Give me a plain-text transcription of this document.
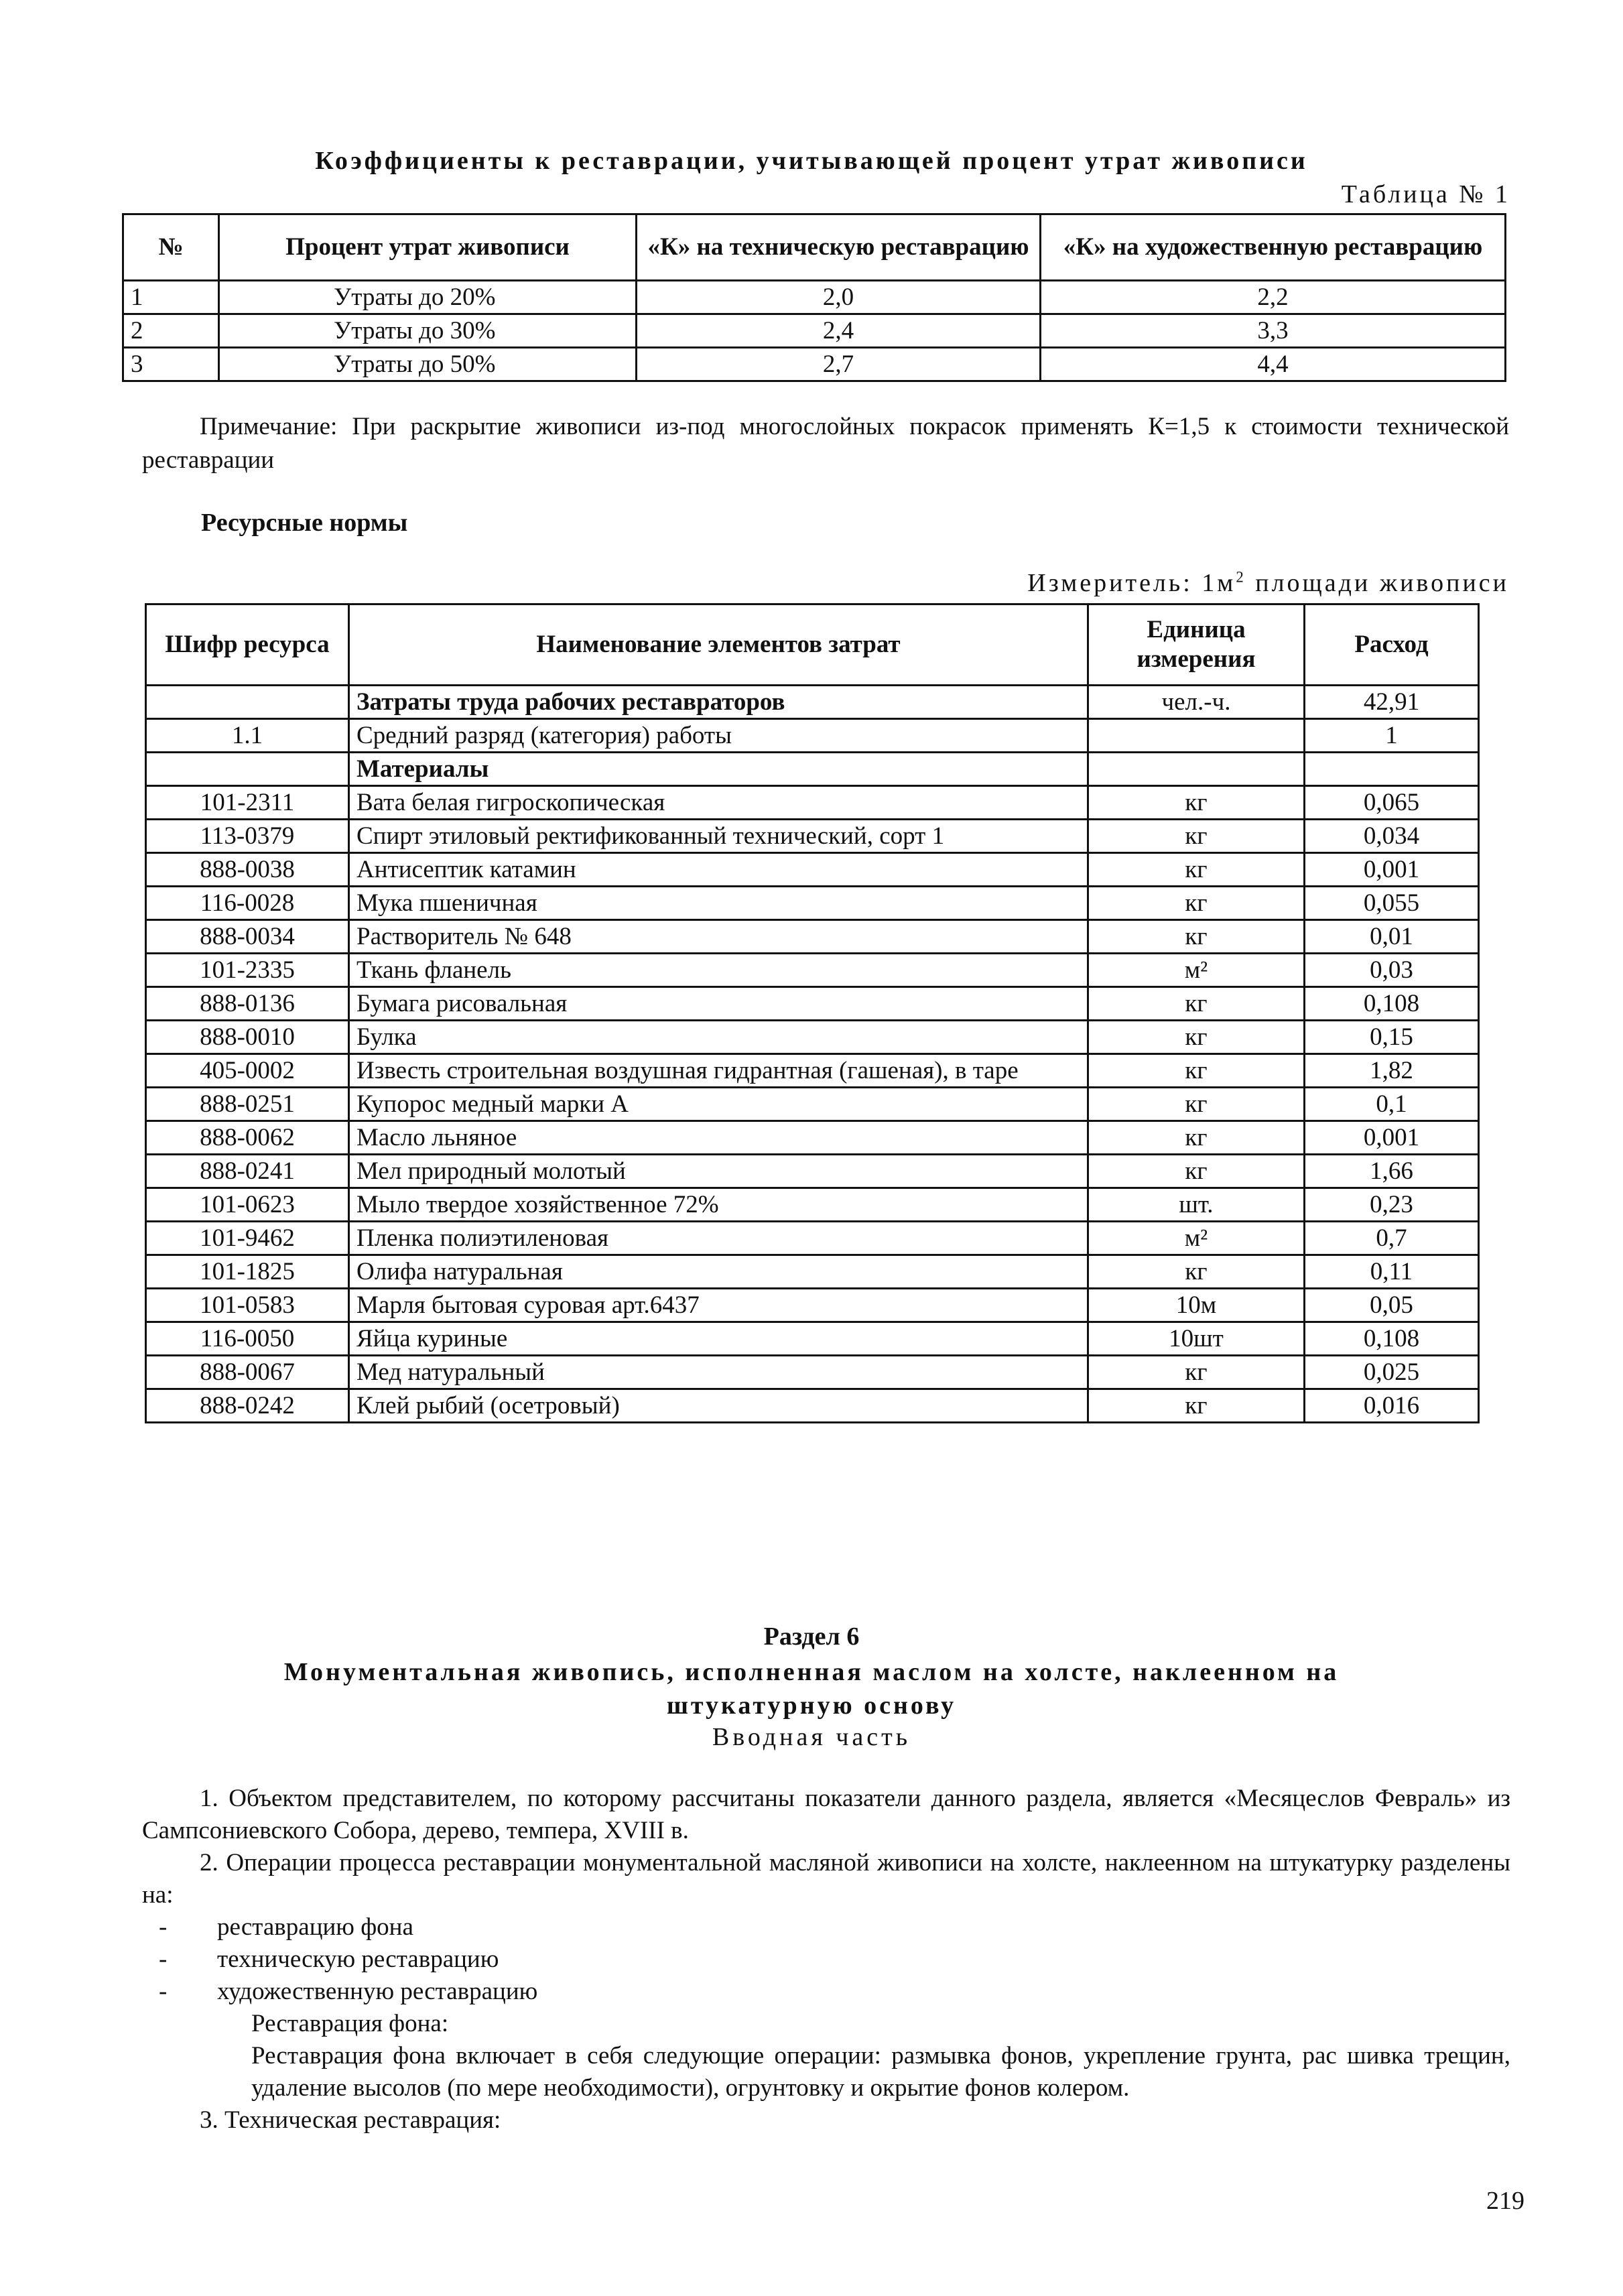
Коэффициенты к реставрации, учитывающей процент утрат живописи
Таблица № 1
№	Процент утрат живописи	«К» на техническую реставрацию	«К» на художественную реставрацию
1	Утраты до 20%	2,0	2,2
2	Утраты до 30%	2,4	3,3
3	Утраты до 50%	2,7	4,4
Примечание: При раскрытие живописи из-под многослойных покрасок применять К=1,5 к стоимости технической реставрации
Ресурсные нормы
Измеритель: $1м^2$ площади живописи
Шифр ресурса	Наименование элементов затрат	Единица измерения	Расход
	Затраты труда рабочих реставраторов	чел.-ч.	42,91
1.1	Средний разряд (категория) работы		1
	Материалы		
101-2311	Вата белая гигроскопическая	кг	0,065
113-0379	Спирт этиловый ректификованный технический, сорт 1	кг	0,034
888-0038	Антисептик катамин	кг	0,001
116-0028	Мука пшеничная	кг	0,055
888-0034	Растворитель № 648	кг	0,01
101-2335	Ткань фланель	м²	0,03
888-0136	Бумага рисовальная	кг	0,108
888-0010	Булка	кг	0,15
405-0002	Известь строительная воздушная гидрантная (гашеная), в таре	кг	1,82
888-0251	Купорос медный марки А	кг	0,1
888-0062	Масло льняное	кг	0,001
888-0241	Мел природный молотый	кг	1,66
101-0623	Мыло твердое хозяйственное 72%	шт.	0,23
101-9462	Пленка полиэтиленовая	м²	0,7
101-1825	Олифа натуральная	кг	0,11
101-0583	Марля бытовая суровая арт.6437	10м	0,05
116-0050	Яйца куриные	10шт	0,108
888-0067	Мед натуральный	кг	0,025
888-0242	Клей рыбий (осетровый)	кг	0,016
Раздел 6
Монументальная живопись, исполненная маслом на холсте, наклеенном на
штукатурную основу
Вводная часть

1. Объектом представителем, по которому рассчитаны показатели данного раздела, является «Месяцеслов Февраль» из Сампсониевского Собора, дерево, темпера, XVIII в.

2. Операции процесса реставрации монументальной масляной живописи на холсте, наклеенном на штукатурку разделены на:

- реставрацию фона

- техническую реставрацию

- художественную реставрацию

Реставрация фона:

Реставрация фона включает в себя следующие операции: размывка фонов, укрепление грунта, рас шивка трещин, удаление высолов (по мере необходимости), огрунтовку и окрытие фонов колером.

3. Техническая реставрация:

219
